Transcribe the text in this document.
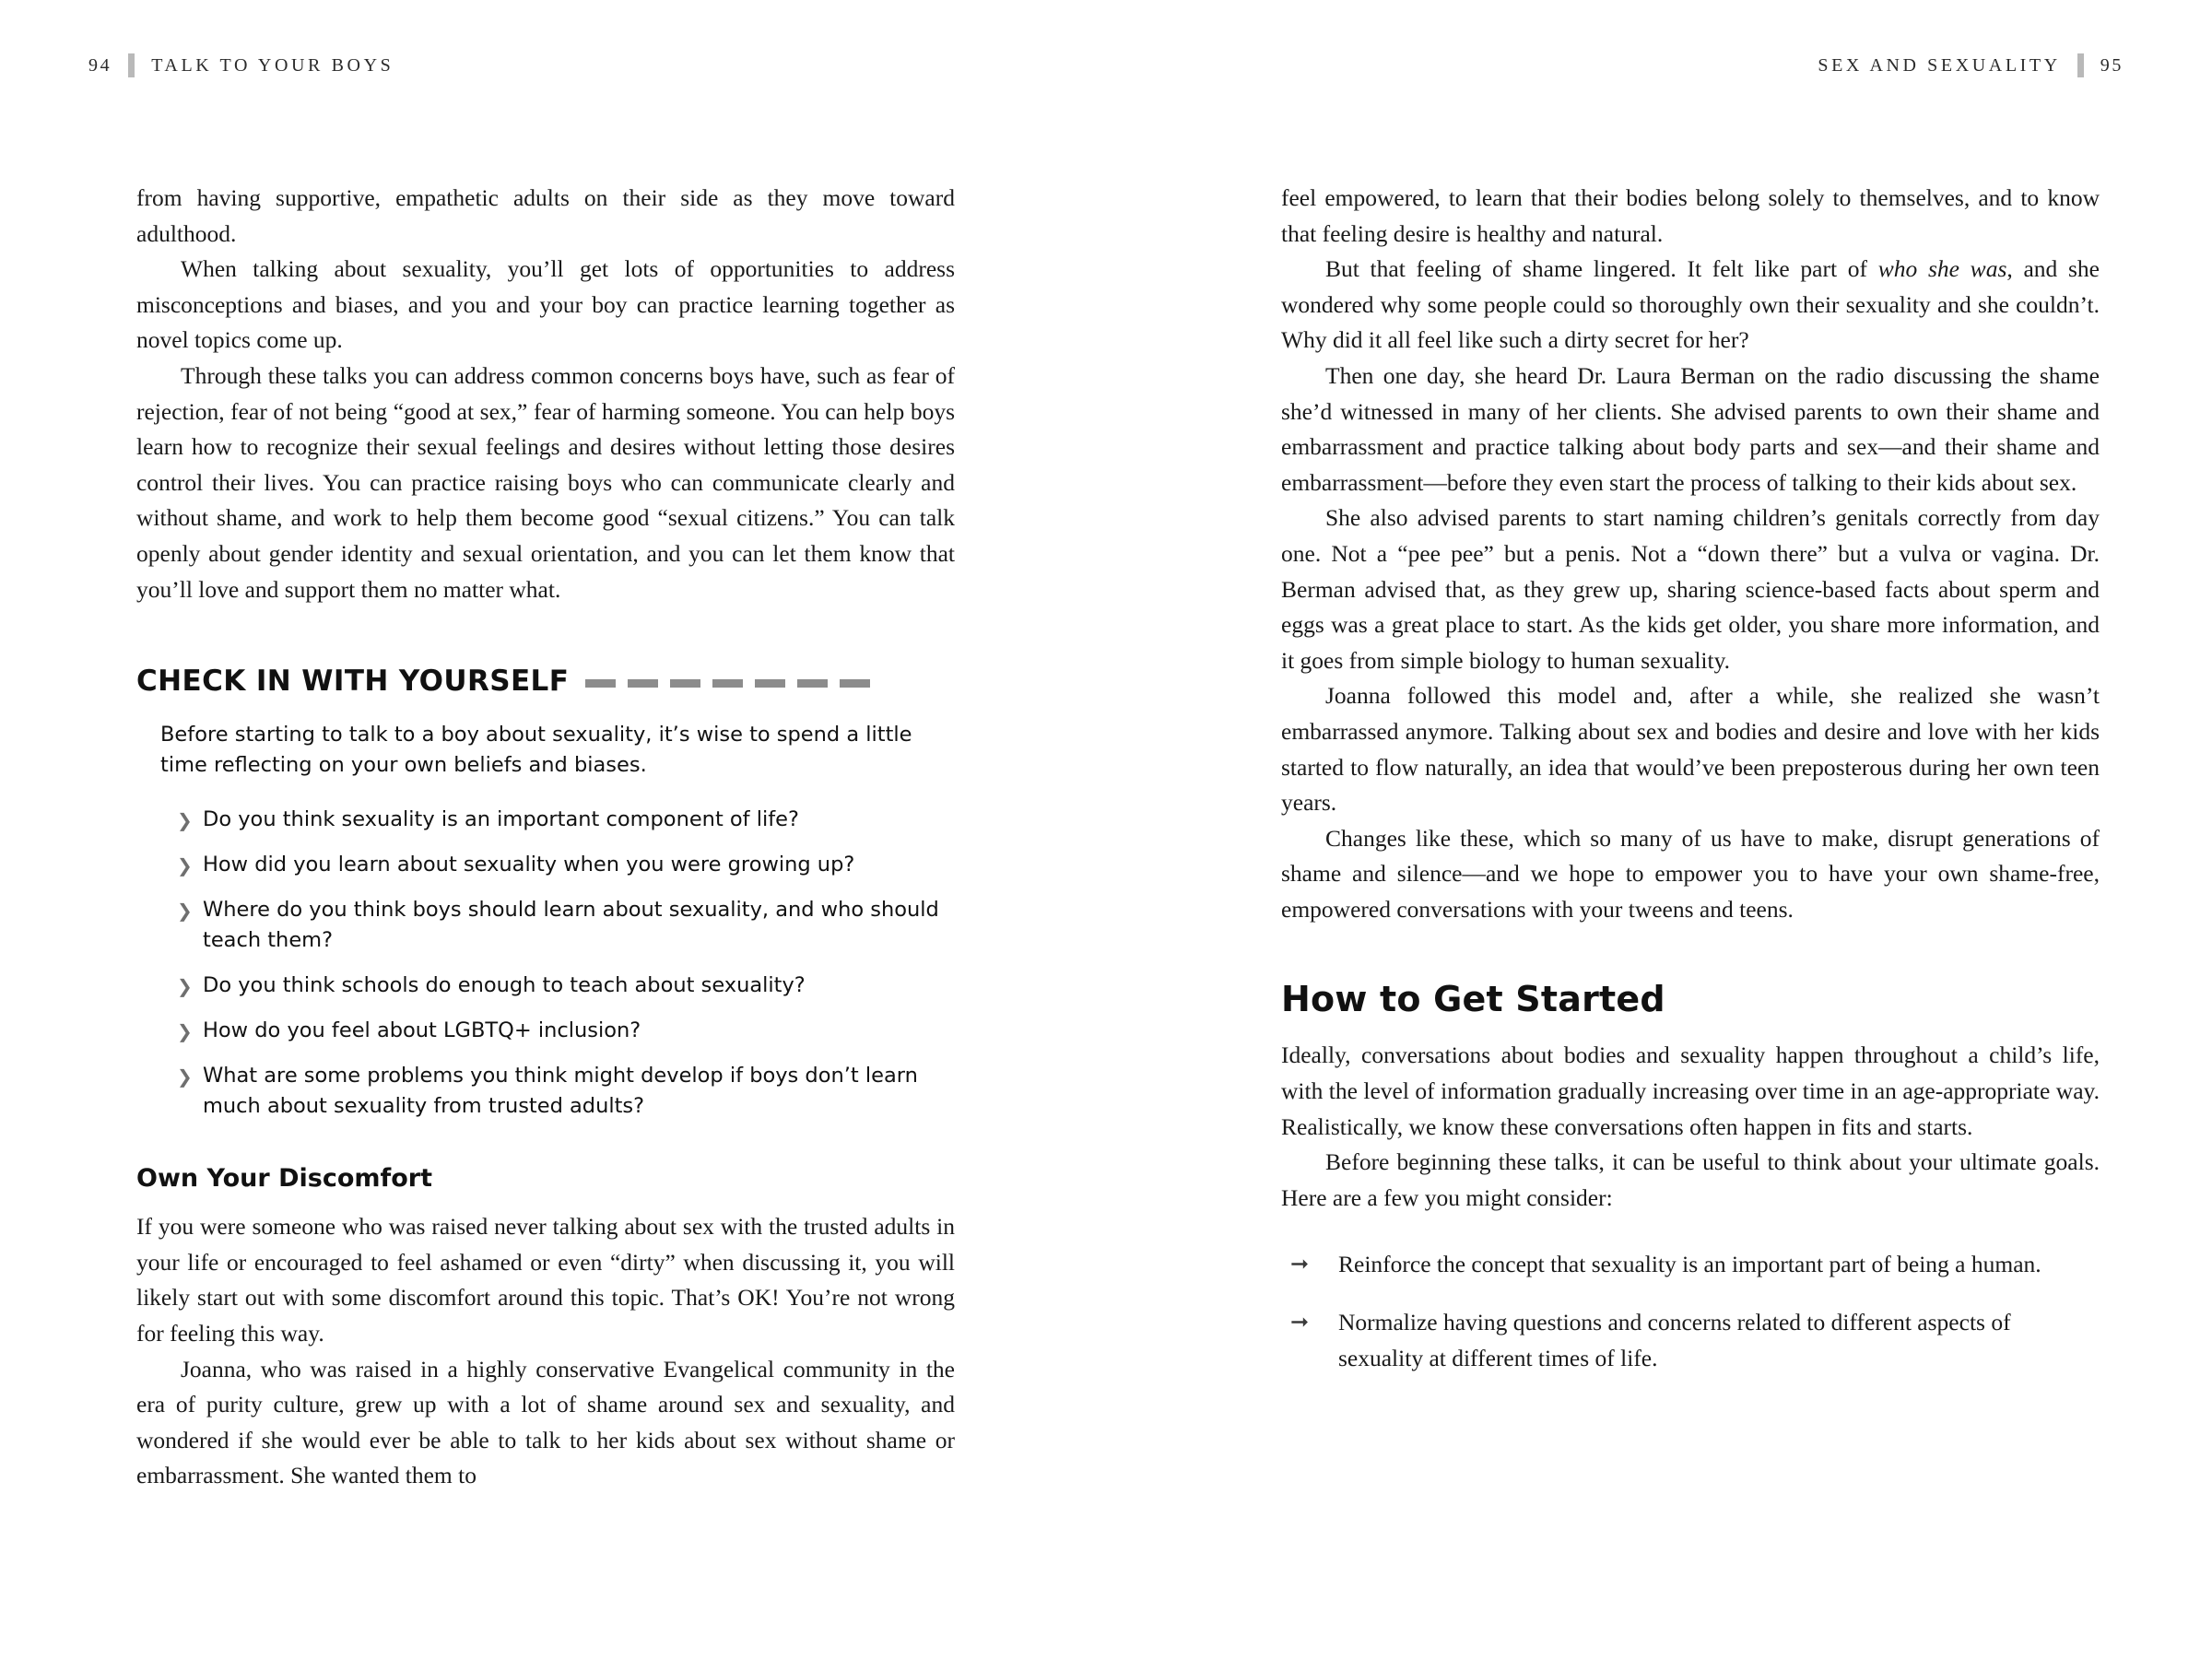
94 TALK TO YOUR BOYS	SEX AND SEXUALITY 95

from having supportive, empathetic adults on their side as they move toward adulthood.

When talking about sexuality, you’ll get lots of opportunities to address misconceptions and biases, and you and your boy can practice learning together as novel topics come up.

Through these talks you can address common concerns boys have, such as fear of rejection, fear of not being “good at sex,” fear of harming someone. You can help boys learn how to recognize their sexual feelings and desires without letting those desires control their lives. You can practice raising boys who can communicate clearly and without shame, and work to help them become good “sexual citizens.” You can talk openly about gender identity and sexual orientation, and you can let them know that you’ll love and support them no matter what.

CHECK IN WITH YOURSELF

Before starting to talk to a boy about sexuality, it’s wise to spend a little time reflecting on your own beliefs and biases.

❯ Do you think sexuality is an important component of life?
❯ How did you learn about sexuality when you were growing up?
❯ Where do you think boys should learn about sexuality, and who should teach them?
❯ Do you think schools do enough to teach about sexuality?
❯ How do you feel about LGBTQ+ inclusion?
❯ What are some problems you think might develop if boys don’t learn much about sexuality from trusted adults?
Own Your Discomfort

If you were someone who was raised never talking about sex with the trusted adults in your life or encouraged to feel ashamed or even “dirty” when discussing it, you will likely start out with some discomfort around this topic. That’s OK! You’re not wrong for feeling this way.

Joanna, who was raised in a highly conservative Evangelical community in the era of purity culture, grew up with a lot of shame around sex and sexuality, and wondered if she would ever be able to talk to her kids about sex without shame or embarrassment. She wanted them to

feel empowered, to learn that their bodies belong solely to themselves, and to know that feeling desire is healthy and natural.

But that feeling of shame lingered. It felt like part of who she was, and she wondered why some people could so thoroughly own their sexuality and she couldn’t. Why did it all feel like such a dirty secret for her?

Then one day, she heard Dr. Laura Berman on the radio discussing the shame she’d witnessed in many of her clients. She advised parents to own their shame and embarrassment and practice talking about body parts and sex—and their shame and embarrassment—before they even start the process of talking to their kids about sex.

She also advised parents to start naming children’s genitals correctly from day one. Not a “pee pee” but a penis. Not a “down there” but a vulva or vagina. Dr. Berman advised that, as they grew up, sharing science-based facts about sperm and eggs was a great place to start. As the kids get older, you share more information, and it goes from simple biology to human sexuality.

Joanna followed this model and, after a while, she realized she wasn’t embarrassed anymore. Talking about sex and bodies and desire and love with her kids started to flow naturally, an idea that would’ve been preposterous during her own teen years.

Changes like these, which so many of us have to make, disrupt generations of shame and silence—and we hope to empower you to have your own shame-free, empowered conversations with your tweens and teens.

How to Get Started

Ideally, conversations about bodies and sexuality happen throughout a child’s life, with the level of information gradually increasing over time in an age-appropriate way. Realistically, we know these conversations often happen in fits and starts.

Before beginning these talks, it can be useful to think about your ultimate goals. Here are a few you might consider:

➞ Reinforce the concept that sexuality is an important part of being a human.
➞ Normalize having questions and concerns related to different aspects of sexuality at different times of life.
